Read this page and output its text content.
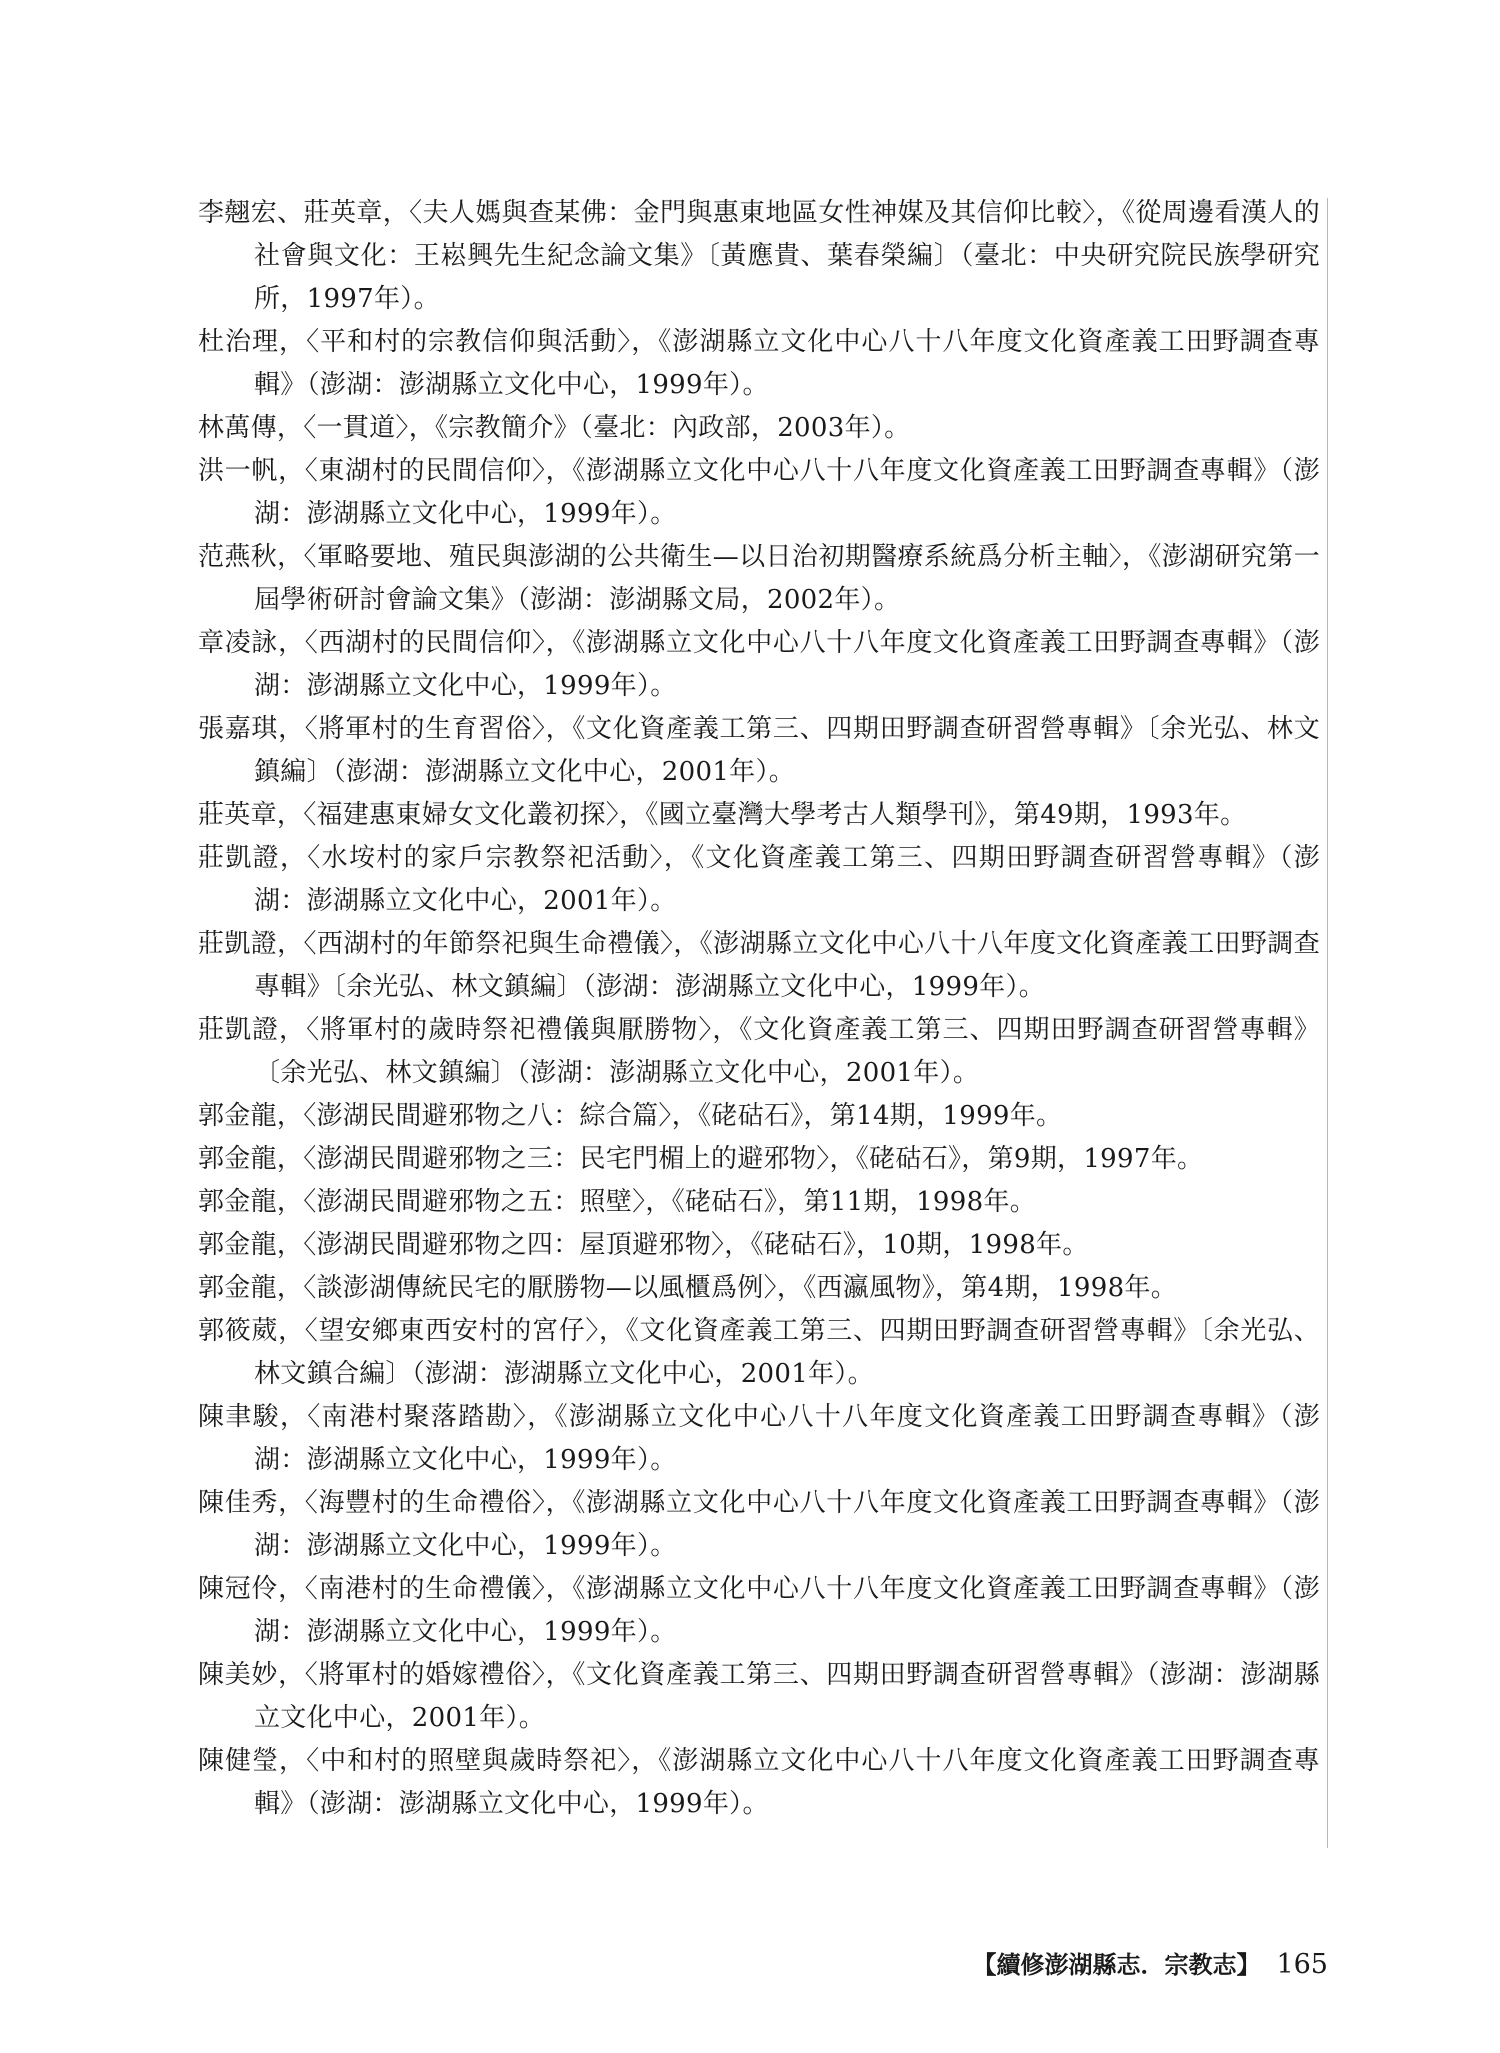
李翹宏、莊英章，〈夫人媽與查某佛：金門與惠東地區女性神媒及其信仰比較〉，《從周邊看漢人的社會與文化：王崧興先生紀念論文集》〔黃應貴、葉春榮編〕（臺北：中央研究院民族學研究所，1997年）。
杜治理，〈平和村的宗教信仰與活動〉，《澎湖縣立文化中心八十八年度文化資產義工田野調查專輯》（澎湖：澎湖縣立文化中心，1999年）。
林萬傳，〈一貫道〉，《宗教簡介》（臺北：內政部，2003年）。
洪一帆，〈東湖村的民間信仰〉，《澎湖縣立文化中心八十八年度文化資產義工田野調查專輯》（澎湖：澎湖縣立文化中心，1999年）。
范燕秋，〈軍略要地、殖民與澎湖的公共衛生—以日治初期醫療系統爲分析主軸〉，《澎湖研究第一屆學術研討會論文集》（澎湖：澎湖縣文局，2002年）。
章凌詠，〈西湖村的民間信仰〉，《澎湖縣立文化中心八十八年度文化資產義工田野調查專輯》（澎湖：澎湖縣立文化中心，1999年）。
張嘉琪，〈將軍村的生育習俗〉，《文化資產義工第三、四期田野調查研習營專輯》〔余光弘、林文鎮編〕（澎湖：澎湖縣立文化中心，2001年）。
莊英章，〈福建惠東婦女文化叢初探〉，《國立臺灣大學考古人類學刊》，第49期，1993年。
莊凱證，〈水垵村的家戶宗教祭祀活動〉，《文化資產義工第三、四期田野調查研習營專輯》（澎湖：澎湖縣立文化中心，2001年）。
莊凱證，〈西湖村的年節祭祀與生命禮儀〉，《澎湖縣立文化中心八十八年度文化資產義工田野調查專輯》〔余光弘、林文鎮編〕（澎湖：澎湖縣立文化中心，1999年）。
莊凱證，〈將軍村的歲時祭祀禮儀與厭勝物〉，《文化資產義工第三、四期田野調查研習營專輯》〔余光弘、林文鎮編〕（澎湖：澎湖縣立文化中心，2001年）。
郭金龍，〈澎湖民間避邪物之八：綜合篇〉，《硓𥑮石》，第14期，1999年。
郭金龍，〈澎湖民間避邪物之三：民宅門楣上的避邪物〉，《硓𥑮石》，第9期，1997年。
郭金龍，〈澎湖民間避邪物之五：照壁〉，《硓𥑮石》，第11期，1998年。
郭金龍，〈澎湖民間避邪物之四：屋頂避邪物〉，《硓𥑮石》，10期，1998年。
郭金龍，〈談澎湖傳統民宅的厭勝物—以風櫃爲例〉，《西瀛風物》，第4期，1998年。
郭筱葳，〈望安鄉東西安村的宮仔〉，《文化資產義工第三、四期田野調查研習營專輯》〔余光弘、林文鎮合編〕（澎湖：澎湖縣立文化中心，2001年）。
陳聿駿，〈南港村聚落踏勘〉，《澎湖縣立文化中心八十八年度文化資產義工田野調查專輯》（澎湖：澎湖縣立文化中心，1999年）。
陳佳秀，〈海豐村的生命禮俗〉，《澎湖縣立文化中心八十八年度文化資產義工田野調查專輯》（澎湖：澎湖縣立文化中心，1999年）。
陳冠伶，〈南港村的生命禮儀〉，《澎湖縣立文化中心八十八年度文化資產義工田野調查專輯》（澎湖：澎湖縣立文化中心，1999年）。
陳美妙，〈將軍村的婚嫁禮俗〉，《文化資產義工第三、四期田野調查研習營專輯》（澎湖：澎湖縣立文化中心，2001年）。
陳健瑩，〈中和村的照壁與歲時祭祀〉，《澎湖縣立文化中心八十八年度文化資產義工田野調查專輯》（澎湖：澎湖縣立文化中心，1999年）。
【續修澎湖縣志．宗教志】 165
